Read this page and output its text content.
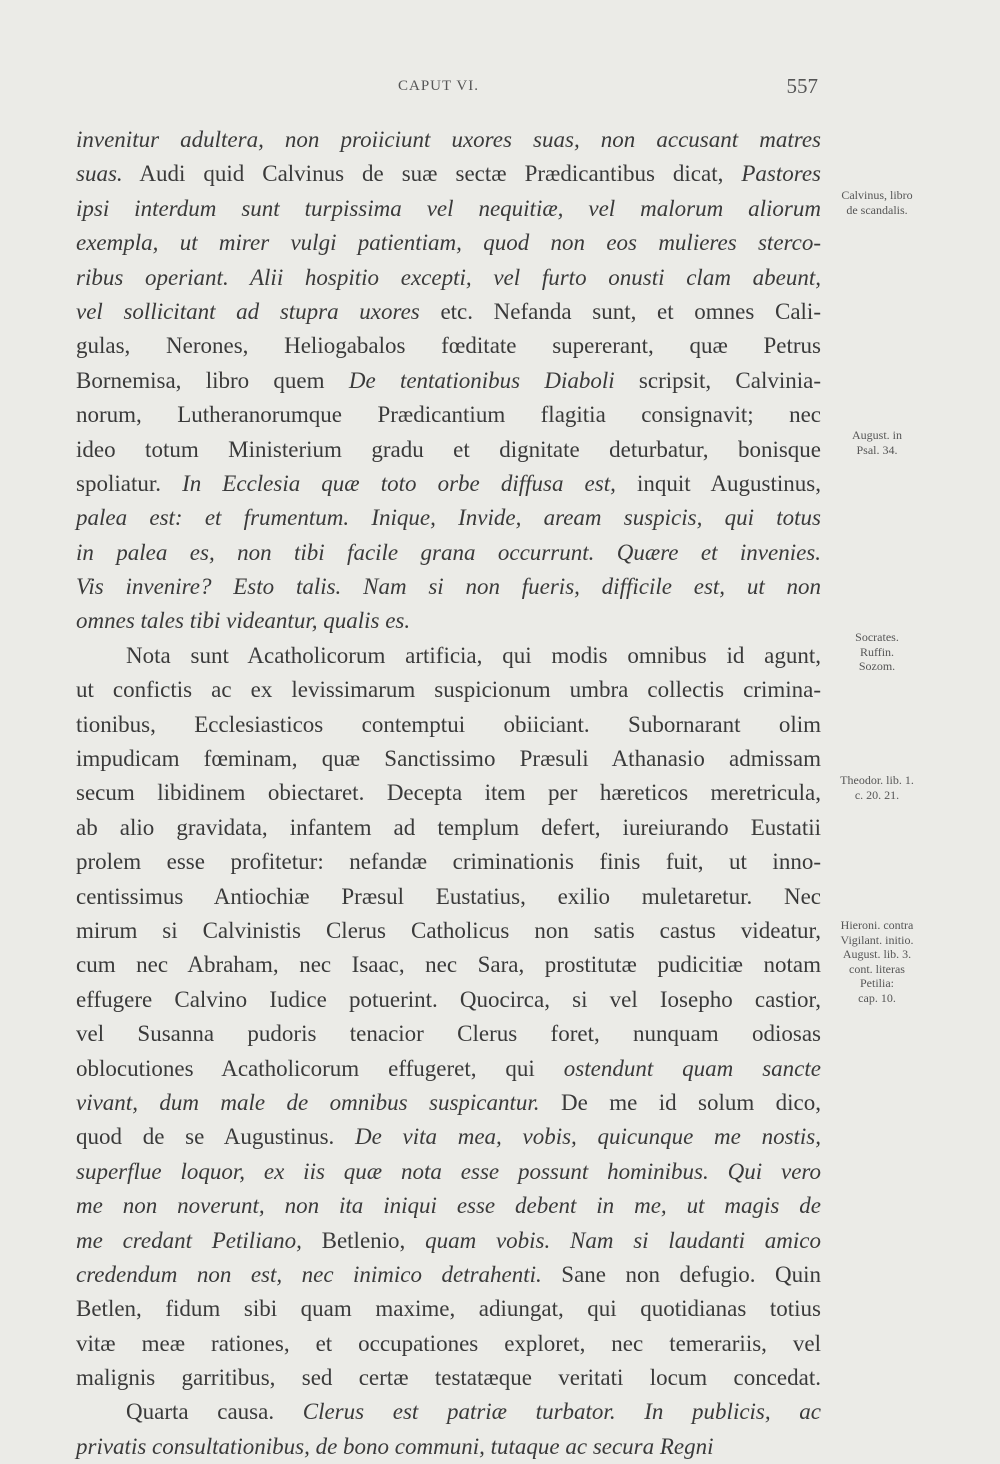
CAPUT VI.	557
invenitur adultera, non proiiciunt uxores suas, non accusant matres
suas. Audi quid Calvinus de suæ sectæ Prædicantibus dicat, Pastores
ipsi interdum sunt turpissima vel nequitiæ, vel malorum aliorum
exempla, ut mirer vulgi patientiam, quod non eos mulieres sterco-
ribus operiant. Alii hospitio excepti, vel furto onusti clam abeunt,
vel sollicitant ad stupra uxores etc. Nefanda sunt, et omnes Cali-
gulas, Nerones, Heliogabalos fœditate supererant, quæ Petrus
Bornemisa, libro quem De tentationibus Diaboli scripsit, Calvinia-
norum, Lutheranorumque Prædicantium flagitia consignavit; nec
ideo totum Ministerium gradu et dignitate deturbatur, bonisque
spoliatur. In Ecclesia quæ toto orbe diffusa est, inquit Augustinus,
palea est: et frumentum. Inique, Invide, aream suspicis, qui totus
in palea es, non tibi facile grana occurrunt. Quære et invenies.
Vis invenire? Esto talis. Nam si non fueris, difficile est, ut non
omnes tales tibi videantur, qualis es.
Nota sunt Acatholicorum artificia, qui modis omnibus id agunt,
ut confictis ac ex levissimarum suspicionum umbra collectis crimina-
tionibus, Ecclesiasticos contemptui obiiciant. Subornarant olim
impudicam fœminam, quæ Sanctissimo Præsuli Athanasio admissam
secum libidinem obiectaret. Decepta item per hæreticos meretricula,
ab alio gravidata, infantem ad templum defert, iureiurando Eustatii
prolem esse profitetur: nefandæ criminationis finis fuit, ut inno-
centissimus Antiochiæ Præsul Eustatius, exilio muletaretur. Nec
mirum si Calvinistis Clerus Catholicus non satis castus videatur,
cum nec Abraham, nec Isaac, nec Sara, prostitutæ pudicitiæ notam
effugere Calvino Iudice potuerint. Quocirca, si vel Iosepho castior,
vel Susanna pudoris tenacior Clerus foret, nunquam odiosas
oblocutiones Acatholicorum effugeret, qui ostendunt quam sancte
vivant, dum male de omnibus suspicantur. De me id solum dico,
quod de se Augustinus. De vita mea, vobis, quicunque me nostis,
superflue loquor, ex iis quæ nota esse possunt hominibus. Qui vero
me non noverunt, non ita iniqui esse debent in me, ut magis de
me credant Petiliano, Betlenio, quam vobis. Nam si laudanti amico
credendum non est, nec inimico detrahenti. Sane non defugio. Quin
Betlen, fidum sibi quam maxime, adiungat, qui quotidianas totius
vitæ meæ rationes, et occupationes exploret, nec temerariis, vel
malignis garritibus, sed certæ testatæque veritati locum concedat.
Quarta causa. Clerus est patriæ turbator. In publicis, ac
privatis consultationibus, de bono communi, tutaque ac secura Regni
Calvinus, libro
de scandalis.
August. in
Psal. 34.
Socrates.
Ruffin.
Sozom.
Theodor. lib. 1.
c. 20. 21.
Hieroni. contra
Vigilant. initio.
August. lib. 3.
cont. literas
Petilia:
cap. 10.
